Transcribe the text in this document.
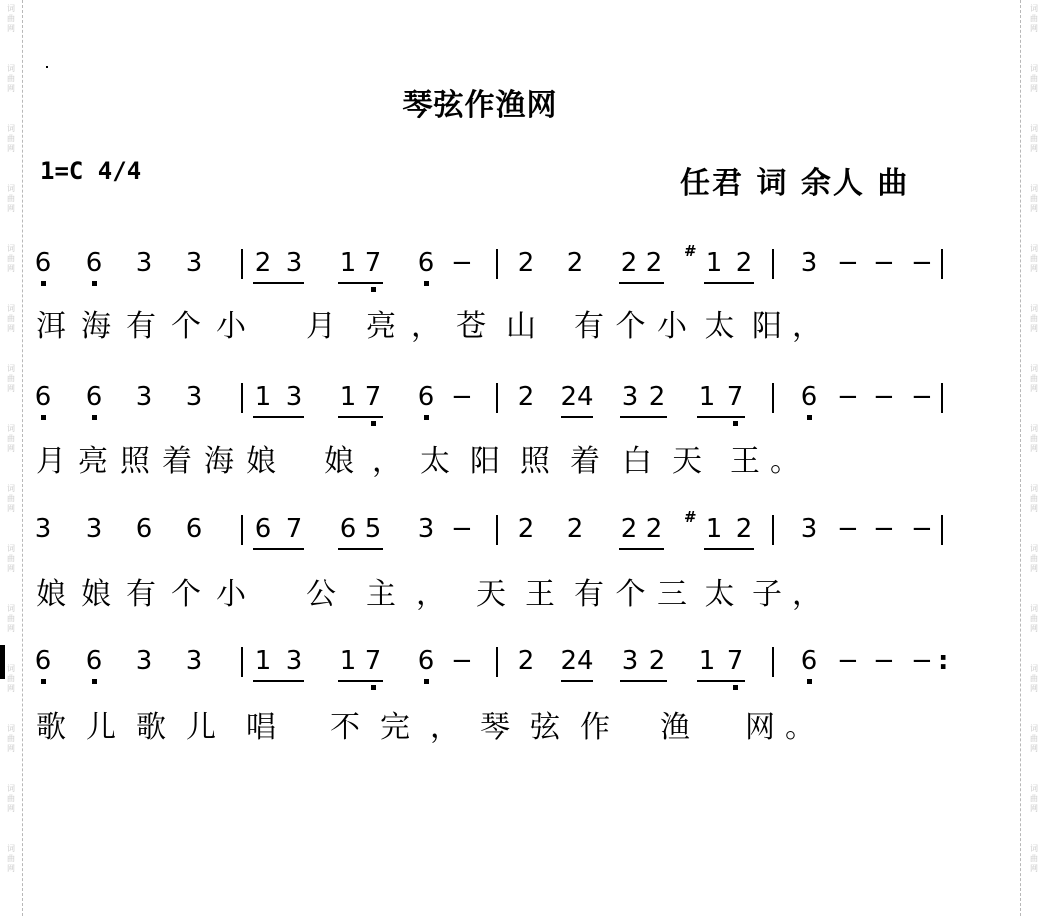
词
曲
网
词
曲
网
词
曲
网
词
曲
网
词
曲
网
词
曲
网
词
曲
网
词
曲
网
词
曲
网
词
曲
网
词
曲
网
词
曲
网
词
曲
网
词
曲
网
词
曲
网
词
曲
网
词
曲
网
词
曲
网
词
曲
网
词
曲
网
词
曲
网
词
曲
网
词
曲
网
词
曲
网
词
曲
网
词
曲
网
词
曲
网
词
曲
网
词
曲
网
词
曲
网
琴弦作渔网
1=C 4/4	任君 词 余人 曲
6 6 3 3 2 3 1 7 6 − 2 2 2 2 # 1 2 3 − − −
洱海有个 小 月 亮， 苍山 有个 小太 阳，
6 6 3 3 1 3 1 7 6 − 2 24 3 2 1 7 6 − − −
月亮照着海 娘 娘， 太阳照着 白天 王。
3 3 6 6 6 7 6 5 3 − 2 2 2 2 # 1 2 3 − − −
娘娘有个 小 公 主， 天王 有个 三太 子，
6 6 3 3 1 3 1 7 6 − 2 24 3 2 1 7 6 − − − :
歌儿歌儿 唱 不 完， 琴弦 作 渔 网。
